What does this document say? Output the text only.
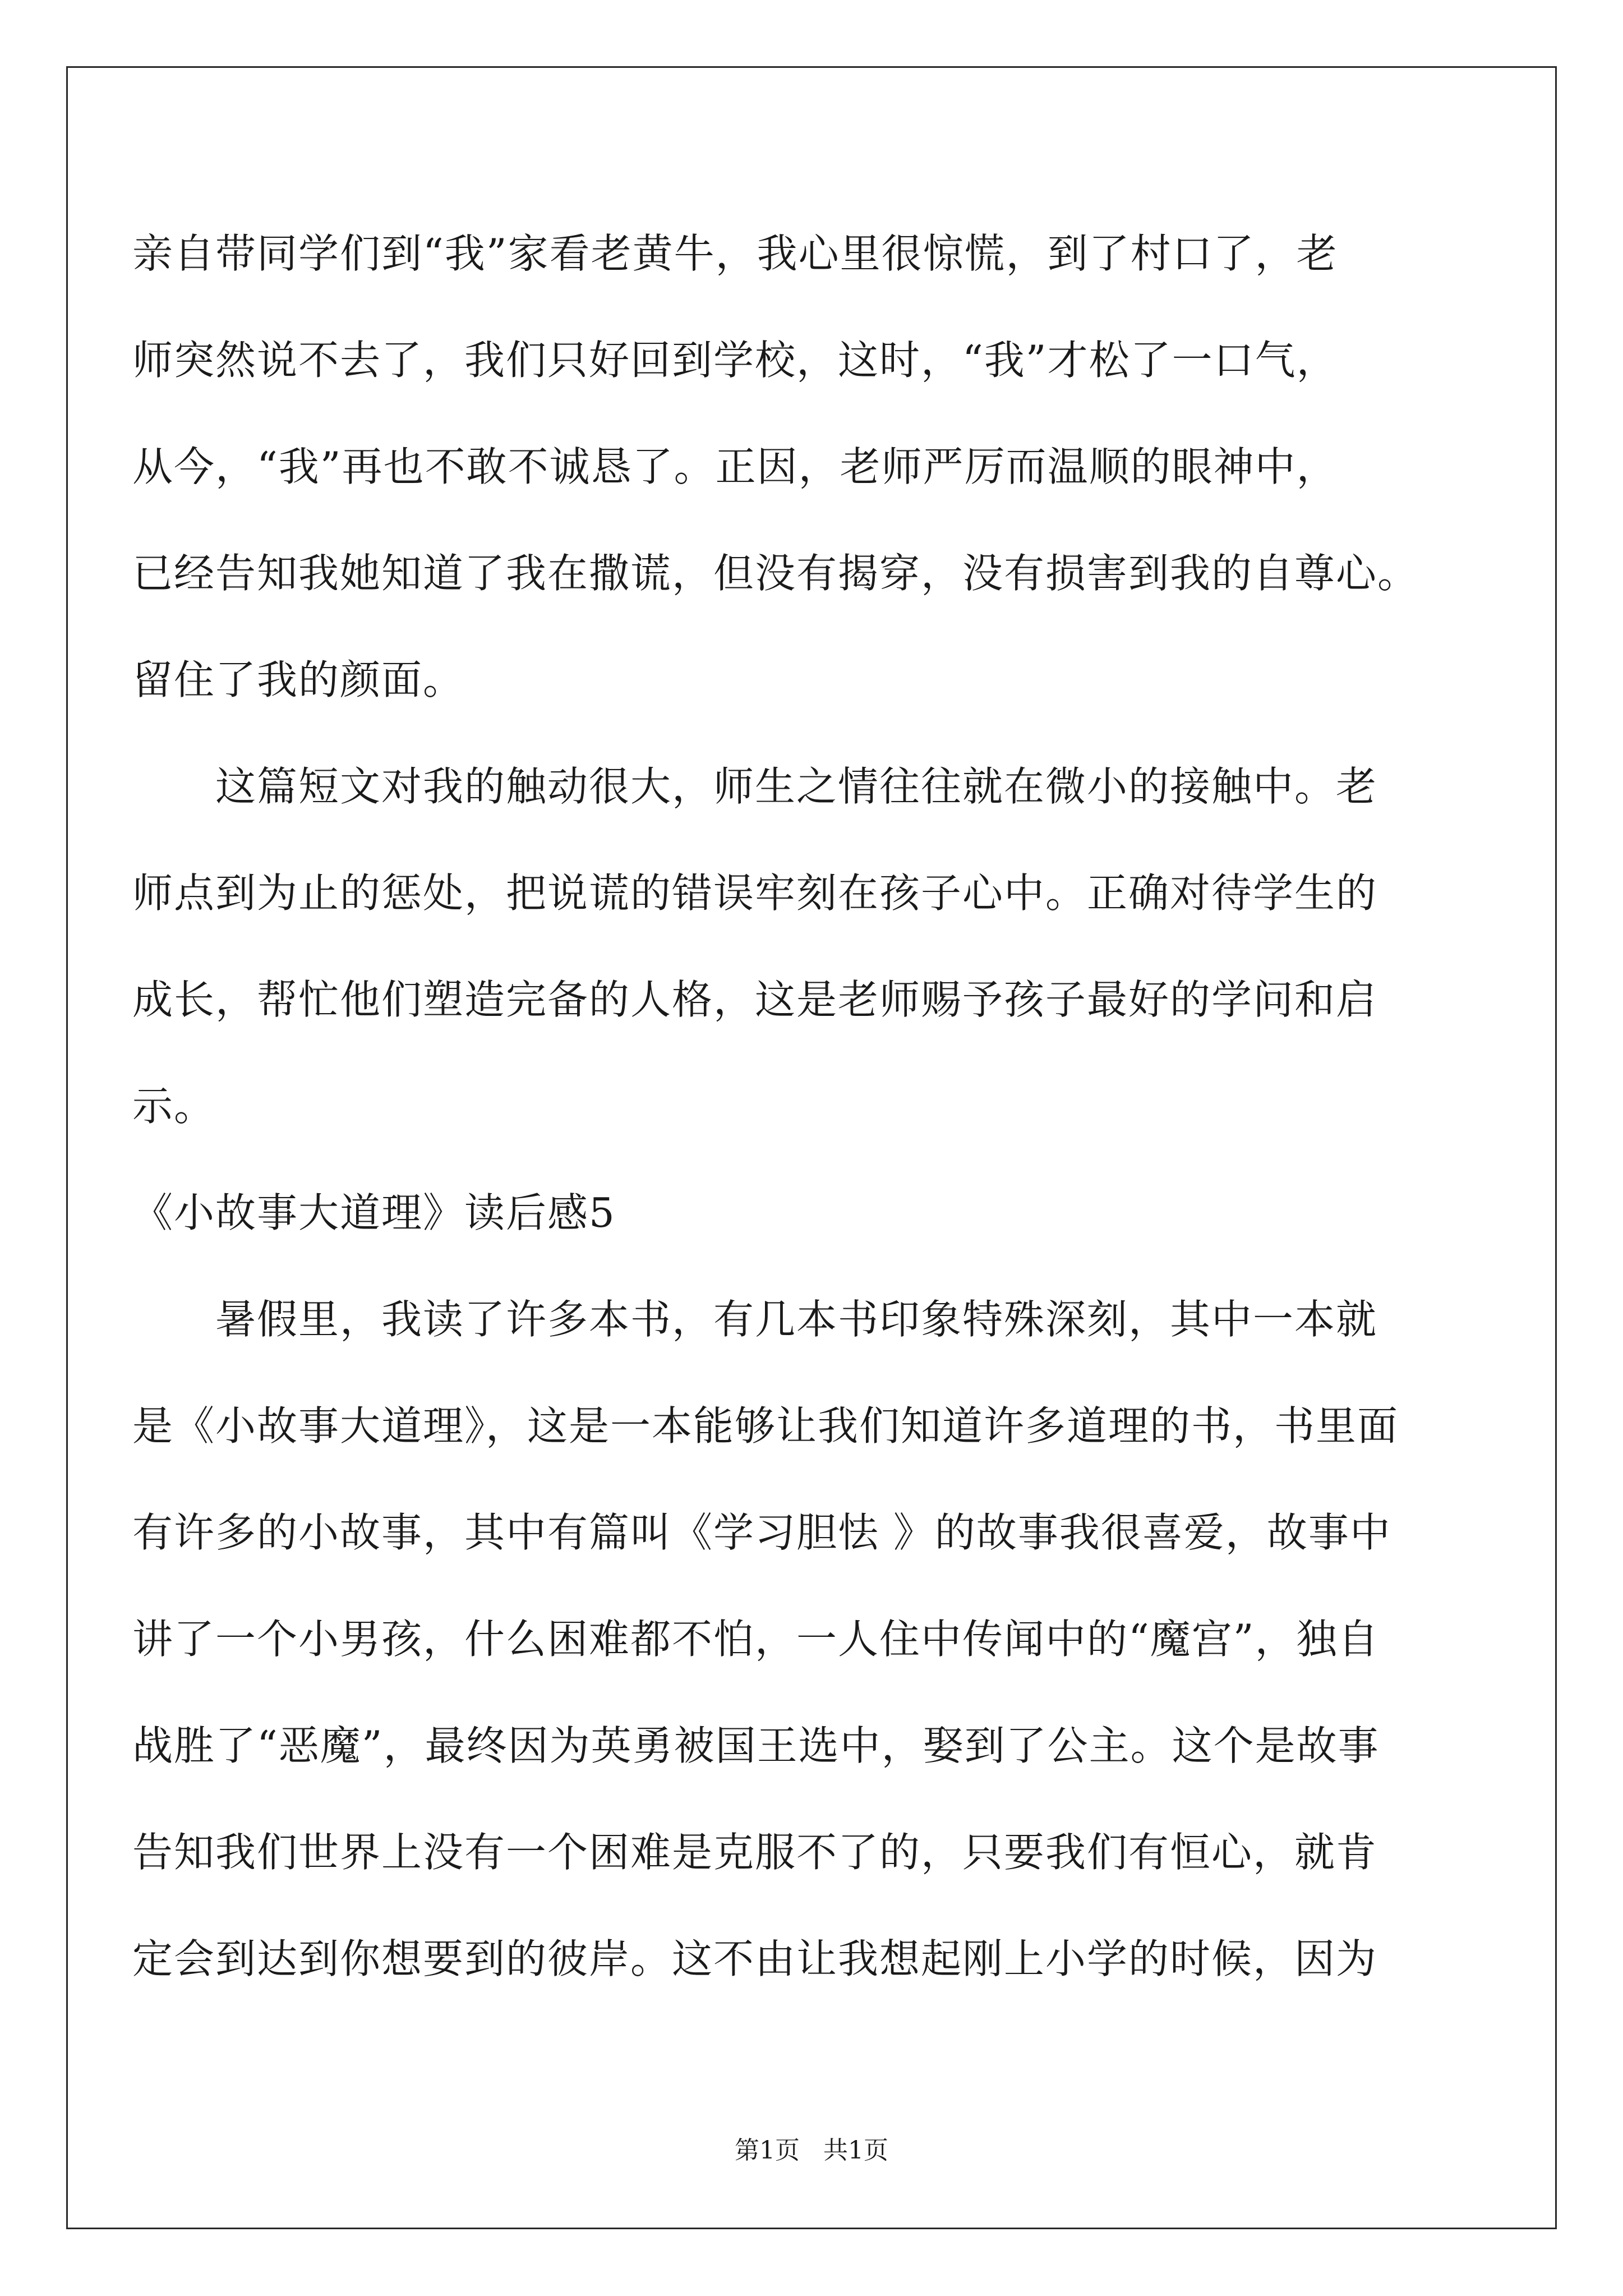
亲自带同学们到“我”家看老黄牛，我心里很惊慌，到了村口了，老
师突然说不去了，我们只好回到学校，这时，“我”才松了一口气，
从今，“我”再也不敢不诚恳了。正因，老师严厉而温顺的眼神中，
已经告知我她知道了我在撒谎，但没有揭穿，没有损害到我的自尊心。
留住了我的颜面。
　　这篇短文对我的触动很大，师生之情往往就在微小的接触中。老
师点到为止的惩处，把说谎的错误牢刻在孩子心中。正确对待学生的
成长，帮忙他们塑造完备的人格，这是老师赐予孩子最好的学问和启
示。
《小故事大道理》读后感5
　　暑假里，我读了许多本书，有几本书印象特殊深刻，其中一本就
是《小故事大道理》，这是一本能够让我们知道许多道理的书，书里面
有许多的小故事，其中有篇叫《学习胆怯 》的故事我很喜爱，故事中
讲了一个小男孩，什么困难都不怕，一人住中传闻中的“魔宫”，独自
战胜了“恶魔”，最终因为英勇被国王选中，娶到了公主。这个是故事
告知我们世界上没有一个困难是克服不了的，只要我们有恒心，就肯
定会到达到你想要到的彼岸。这不由让我想起刚上小学的时候，因为
第1页 共1页
